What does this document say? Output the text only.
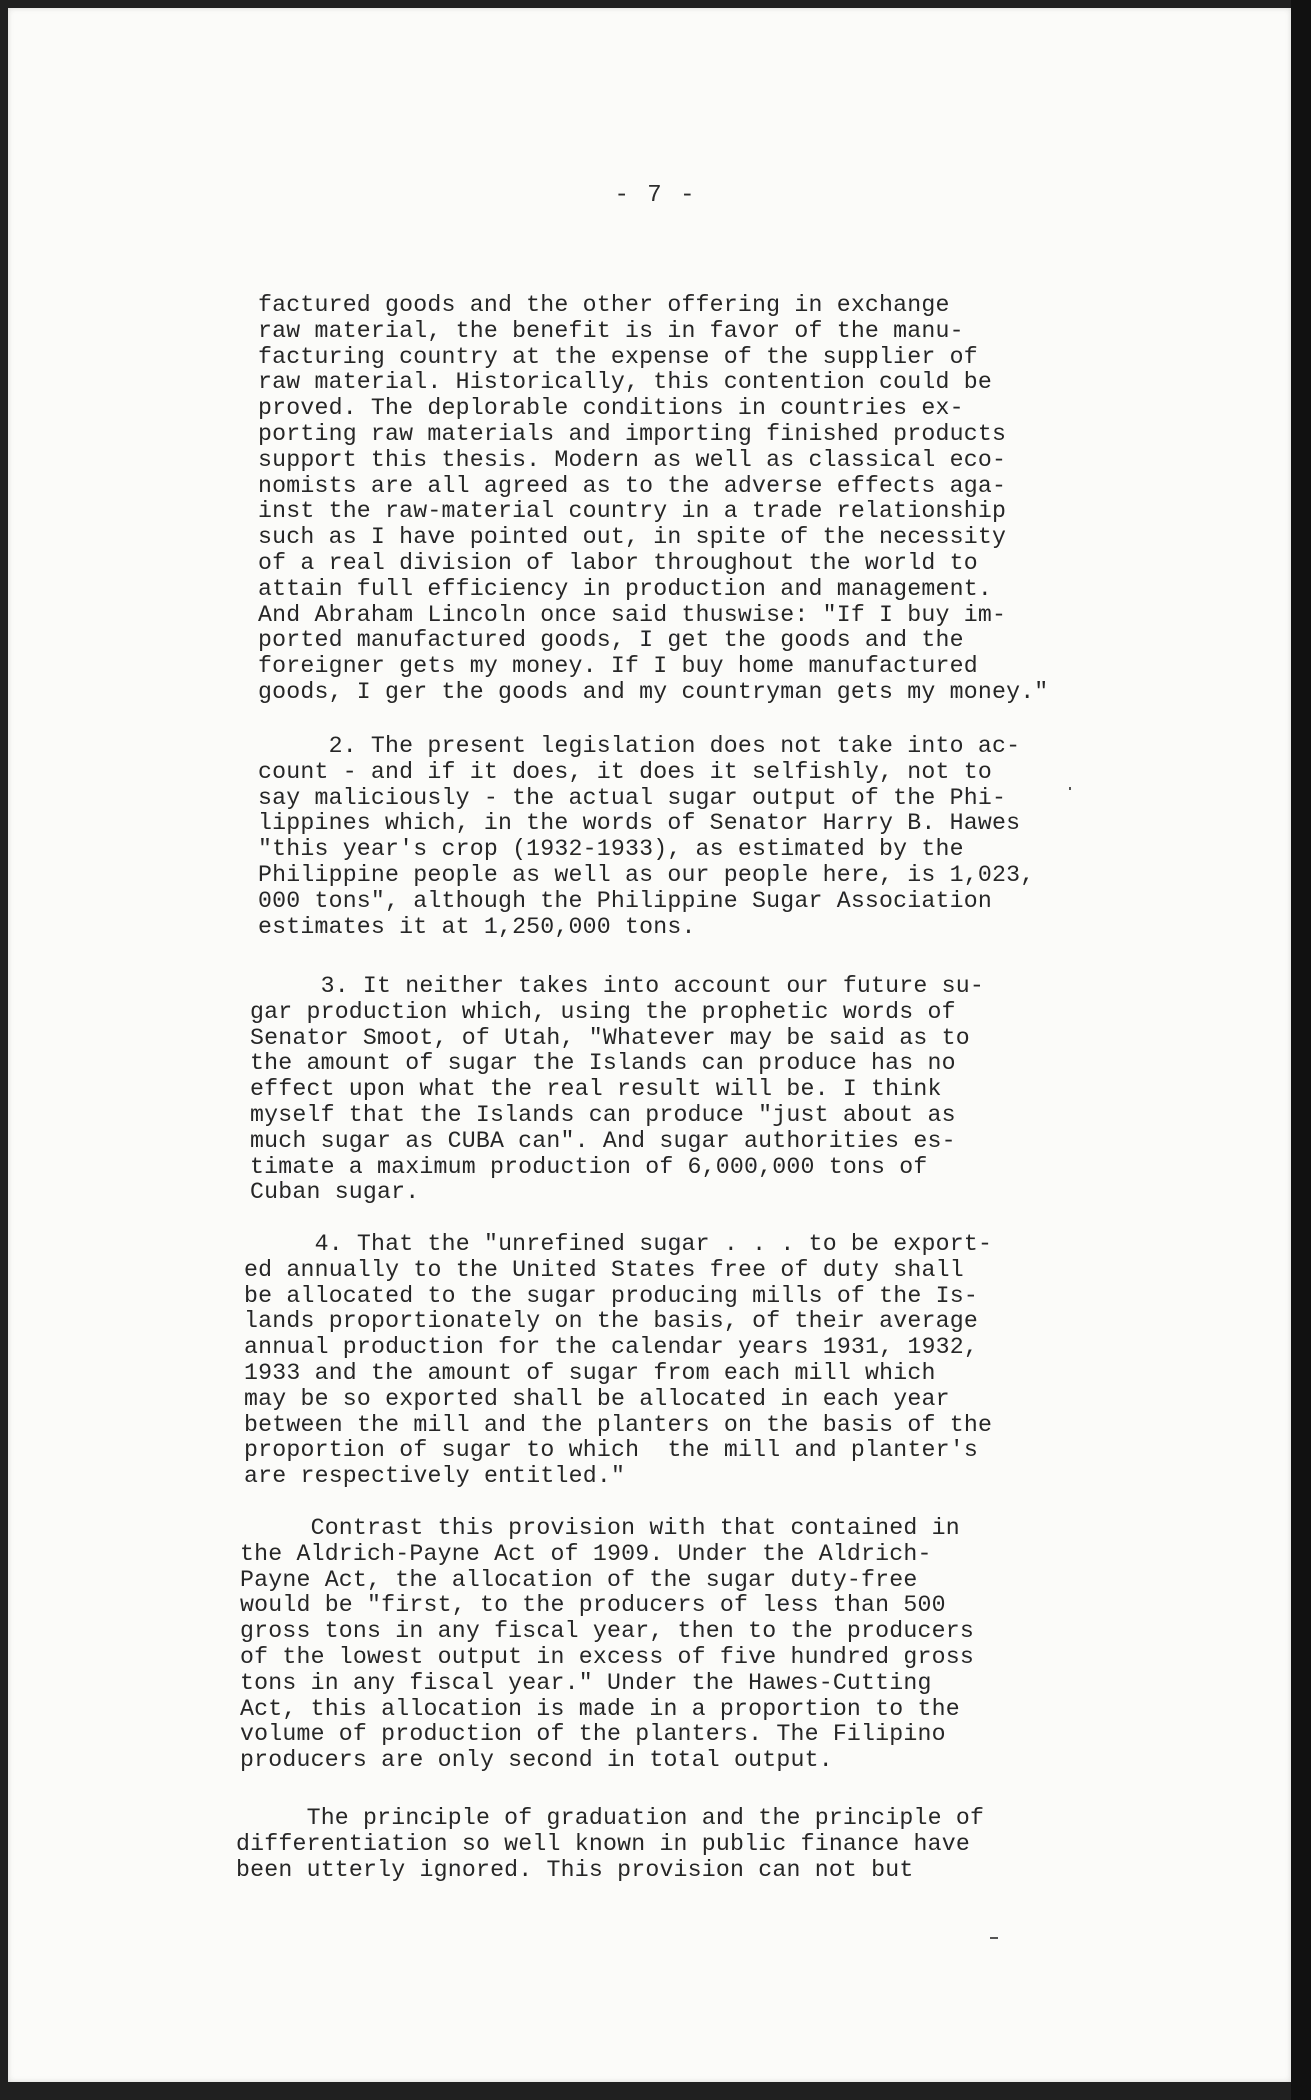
- 7 -
factured goods and the other offering in exchange
raw material, the benefit is in favor of the manu-
facturing country at the expense of the supplier of
raw material. Historically, this contention could be
proved. The deplorable conditions in countries ex-
porting raw materials and importing finished products
support this thesis. Modern as well as classical eco-
nomists are all agreed as to the adverse effects aga-
inst the raw-material country in a trade relationship
such as I have pointed out, in spite of the necessity
of a real division of labor throughout the world to
attain full efficiency in production and management.
And Abraham Lincoln once said thuswise: "If I buy im-
ported manufactured goods, I get the goods and the
foreigner gets my money. If I buy home manufactured
goods, I ger the goods and my countryman gets my money."
2. The present legislation does not take into ac-
count - and if it does, it does it selfishly, not to
say maliciously - the actual sugar output of the Phi-
lippines which, in the words of Senator Harry B. Hawes
"this year's crop (1932-1933), as estimated by the
Philippine people as well as our people here, is 1,023,
000 tons", although the Philippine Sugar Association
estimates it at 1,250,000 tons.
3. It neither takes into account our future su-
gar production which, using the prophetic words of
Senator Smoot, of Utah, "Whatever may be said as to
the amount of sugar the Islands can produce has no
effect upon what the real result will be. I think
myself that the Islands can produce "just about as
much sugar as CUBA can". And sugar authorities es-
timate a maximum production of 6,000,000 tons of
Cuban sugar.
4. That the "unrefined sugar . . . to be export-
ed annually to the United States free of duty shall
be allocated to the sugar producing mills of the Is-
lands proportionately on the basis, of their average
annual production for the calendar years 1931, 1932,
1933 and the amount of sugar from each mill which
may be so exported shall be allocated in each year
between the mill and the planters on the basis of the
proportion of sugar to which  the mill and planter's
are respectively entitled."
Contrast this provision with that contained in
the Aldrich-Payne Act of 1909. Under the Aldrich-
Payne Act, the allocation of the sugar duty-free
would be "first, to the producers of less than 500
gross tons in any fiscal year, then to the producers
of the lowest output in excess of five hundred gross
tons in any fiscal year." Under the Hawes-Cutting
Act, this allocation is made in a proportion to the
volume of production of the planters. The Filipino
producers are only second in total output.
The principle of graduation and the principle of
differentiation so well known in public finance have
been utterly ignored. This provision can not but
